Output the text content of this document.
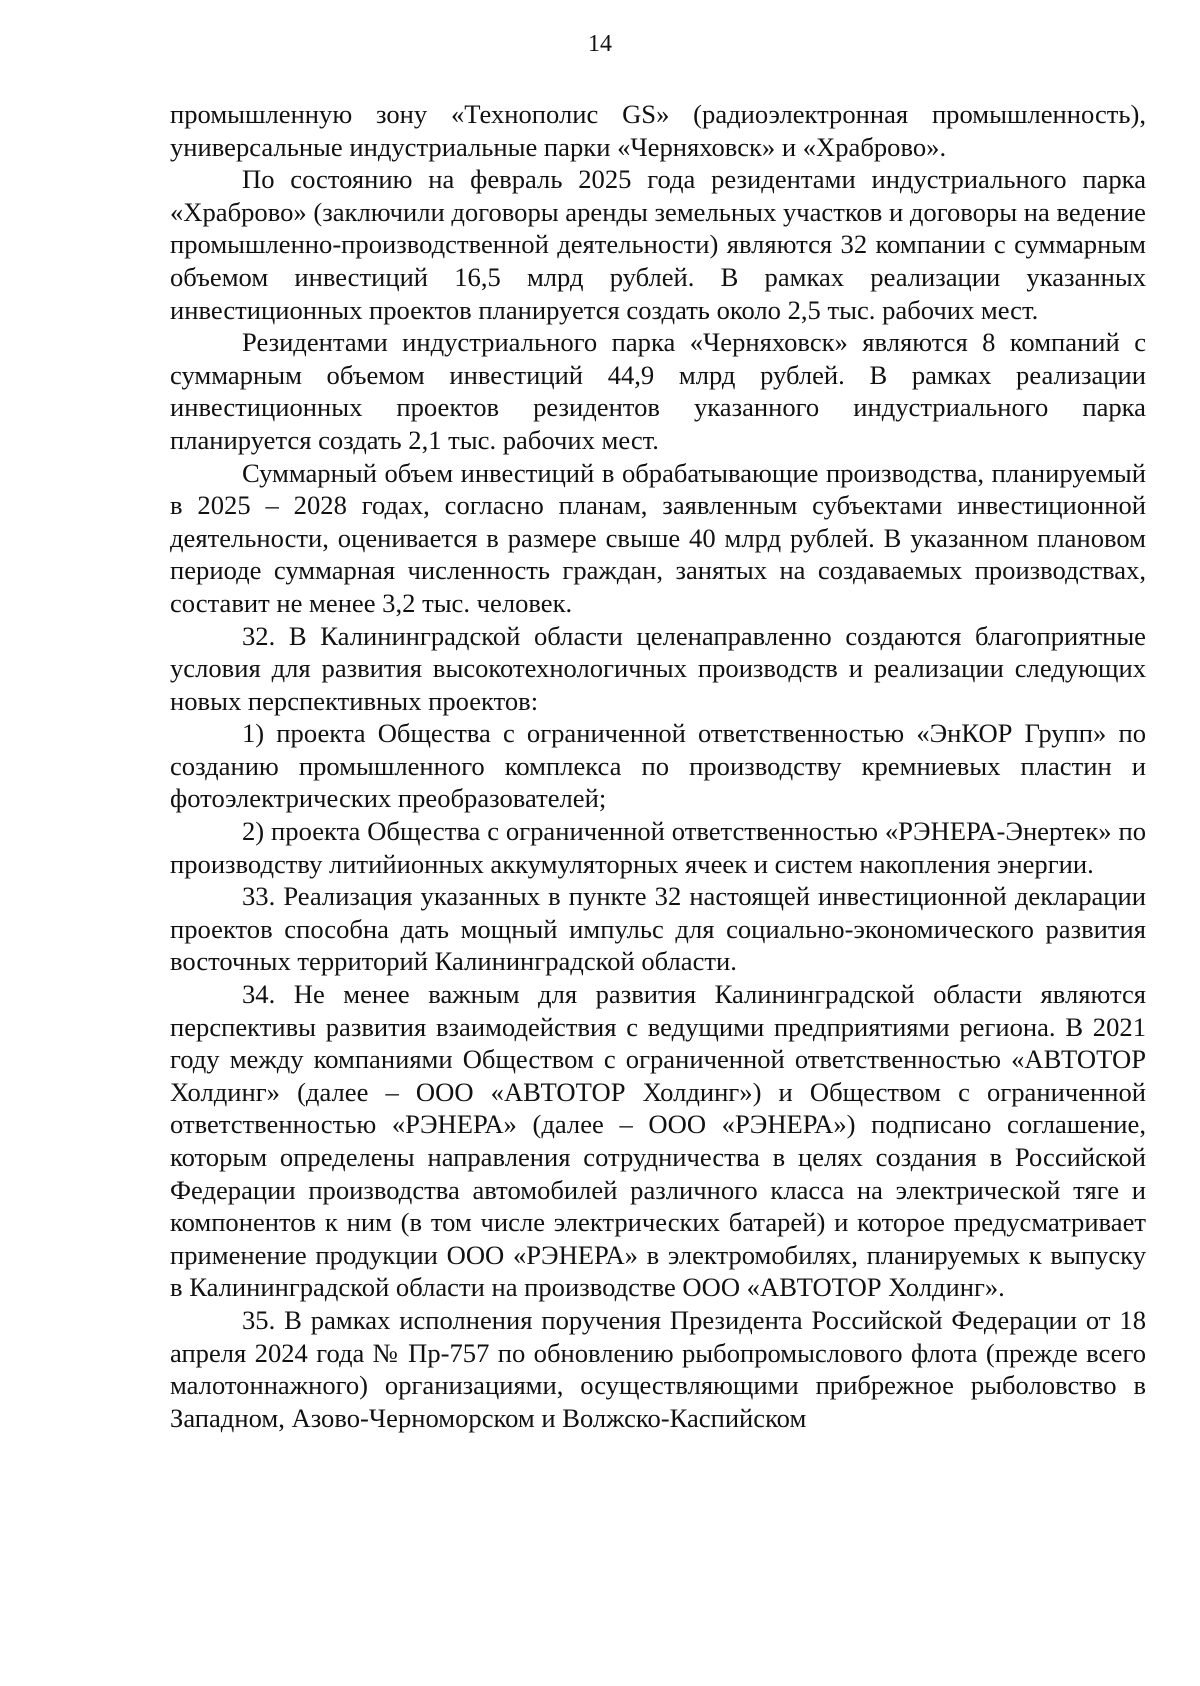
14

промышленную зону «Технополис GS» (радиоэлектронная промышленность), универсальные индустриальные парки «Черняховск» и «Храброво».

По состоянию на февраль 2025 года резидентами индустриального парка «Храброво» (заключили договоры аренды земельных участков и договоры на ведение промышленно-производственной деятельности) являются 32 компании с суммарным объемом инвестиций 16,5 млрд рублей. В рамках реализации указанных инвестиционных проектов планируется создать около 2,5 тыс. рабочих мест.

Резидентами индустриального парка «Черняховск» являются 8 компаний с суммарным объемом инвестиций 44,9 млрд рублей. В рамках реализации инвестиционных проектов резидентов указанного индустриального парка планируется создать 2,1 тыс. рабочих мест.

Суммарный объем инвестиций в обрабатывающие производства, планируемый в 2025 – 2028 годах, согласно планам, заявленным субъектами инвестиционной деятельности, оценивается в размере свыше 40 млрд рублей. В указанном плановом периоде суммарная численность граждан, занятых на создаваемых производствах, составит не менее 3,2 тыс. человек.

32. В Калининградской области целенаправленно создаются благоприятные условия для развития высокотехнологичных производств и реализации следующих новых перспективных проектов:

1) проекта Общества с ограниченной ответственностью «ЭнКОР Групп» по созданию промышленного комплекса по производству кремниевых пластин и фотоэлектрических преобразователей;

2) проекта Общества с ограниченной ответственностью «РЭНЕРА-Энертек» по производству литийионных аккумуляторных ячеек и систем накопления энергии.

33. Реализация указанных в пункте 32 настоящей инвестиционной декларации проектов способна дать мощный импульс для социально-экономического развития восточных территорий Калининградской области.

34. Не менее важным для развития Калининградской области являются перспективы развития взаимодействия с ведущими предприятиями региона. В 2021 году между компаниями Обществом с ограниченной ответственностью «АВТОТОР Холдинг» (далее – ООО «АВТОТОР Холдинг») и Обществом с ограниченной ответственностью «РЭНЕРА» (далее – ООО «РЭНЕРА») подписано соглашение, которым определены направления сотрудничества в целях создания в Российской Федерации производства автомобилей различного класса на электрической тяге и компонентов к ним (в том числе электрических батарей) и которое предусматривает применение продукции ООО «РЭНЕРА» в электромобилях, планируемых к выпуску в Калининградской области на производстве ООО «АВТОТОР Холдинг».

35. В рамках исполнения поручения Президента Российской Федерации от 18 апреля 2024 года № Пр-757 по обновлению рыбопромыслового флота (прежде всего малотоннажного) организациями, осуществляющими прибрежное рыболовство в Западном, Азово-Черноморском и Волжско-Каспийском
